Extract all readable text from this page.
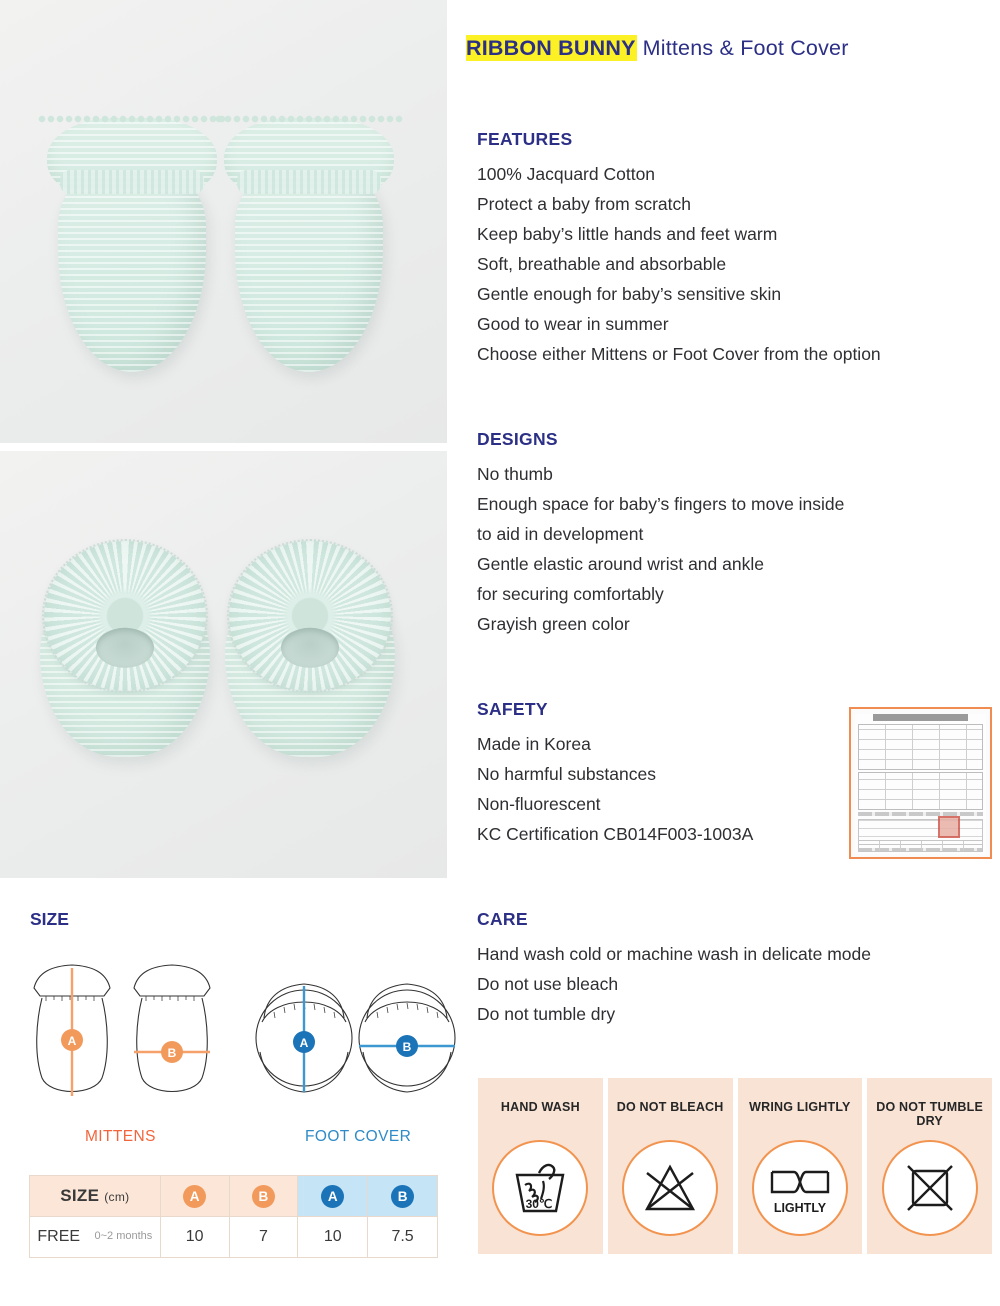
RIBBON BUNNY Mittens & Foot Cover
FEATURES

100% Jacquard Cotton

Protect a baby from scratch

Keep baby’s little hands and feet warm

Soft, breathable and absorbable

Gentle enough for baby’s sensitive skin

Good to wear in summer

Choose either Mittens or Foot Cover from the option

DESIGNS

No thumb

Enough space for baby’s fingers to move inside

to aid in development

Gentle elastic around wrist and ankle

for securing comfortably

Grayish green color

SAFETY

Made in Korea

No harmful substances

Non-fluorescent

KC Certification CB014F003-1003A

CARE

Hand wash cold or machine wash in delicate mode

Do not use bleach

Do not tumble dry

SIZE
A
B
A	B
MITTENS	FOOT COVER
SIZE (cm)	A	B	A	B
FREE 0~2 months	10	7	10	7.5
HAND WASH
30℃
DO NOT BLEACH	WRING LIGHTLY
LIGHTLY
DO NOT TUMBLE DRY
